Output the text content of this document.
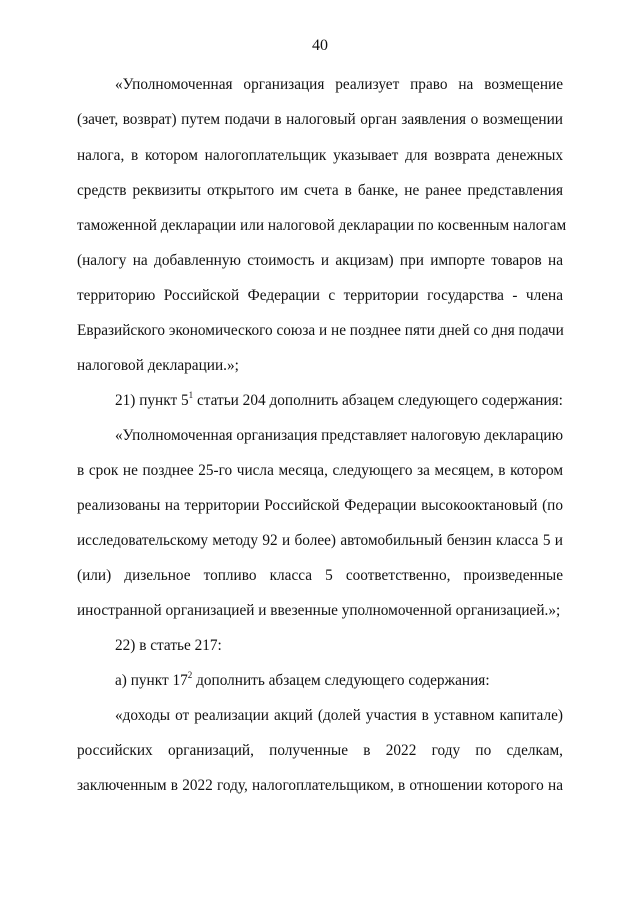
40
«Уполномоченная организация реализует право на возмещение
(зачет, возврат) путем подачи в налоговый орган заявления о возмещении
налога, в котором налогоплательщик указывает для возврата денежных
средств реквизиты открытого им счета в банке, не ранее представления
таможенной декларации или налоговой декларации по косвенным налогам
(налогу на добавленную стоимость и акцизам) при импорте товаров на
территорию Российской Федерации с территории государства - члена
Евразийского экономического союза и не позднее пяти дней со дня подачи
налоговой декларации.»;
21) пункт $5^1$ статьи 204 дополнить абзацем следующего содержания:
«Уполномоченная организация представляет налоговую декларацию
в срок не позднее 25-го числа месяца, следующего за месяцем, в котором
реализованы на территории Российской Федерации высокооктановый (по
исследовательскому методу 92 и более) автомобильный бензин класса 5 и
(или) дизельное топливо класса 5 соответственно, произведенные
иностранной организацией и ввезенные уполномоченной организацией.»;
22) в статье 217:
а) пункт $17^2$ дополнить абзацем следующего содержания:
«доходы от реализации акций (долей участия в уставном капитале)
российских организаций, полученные в 2022 году по сделкам,
заключенным в 2022 году, налогоплательщиком, в отношении которого на
